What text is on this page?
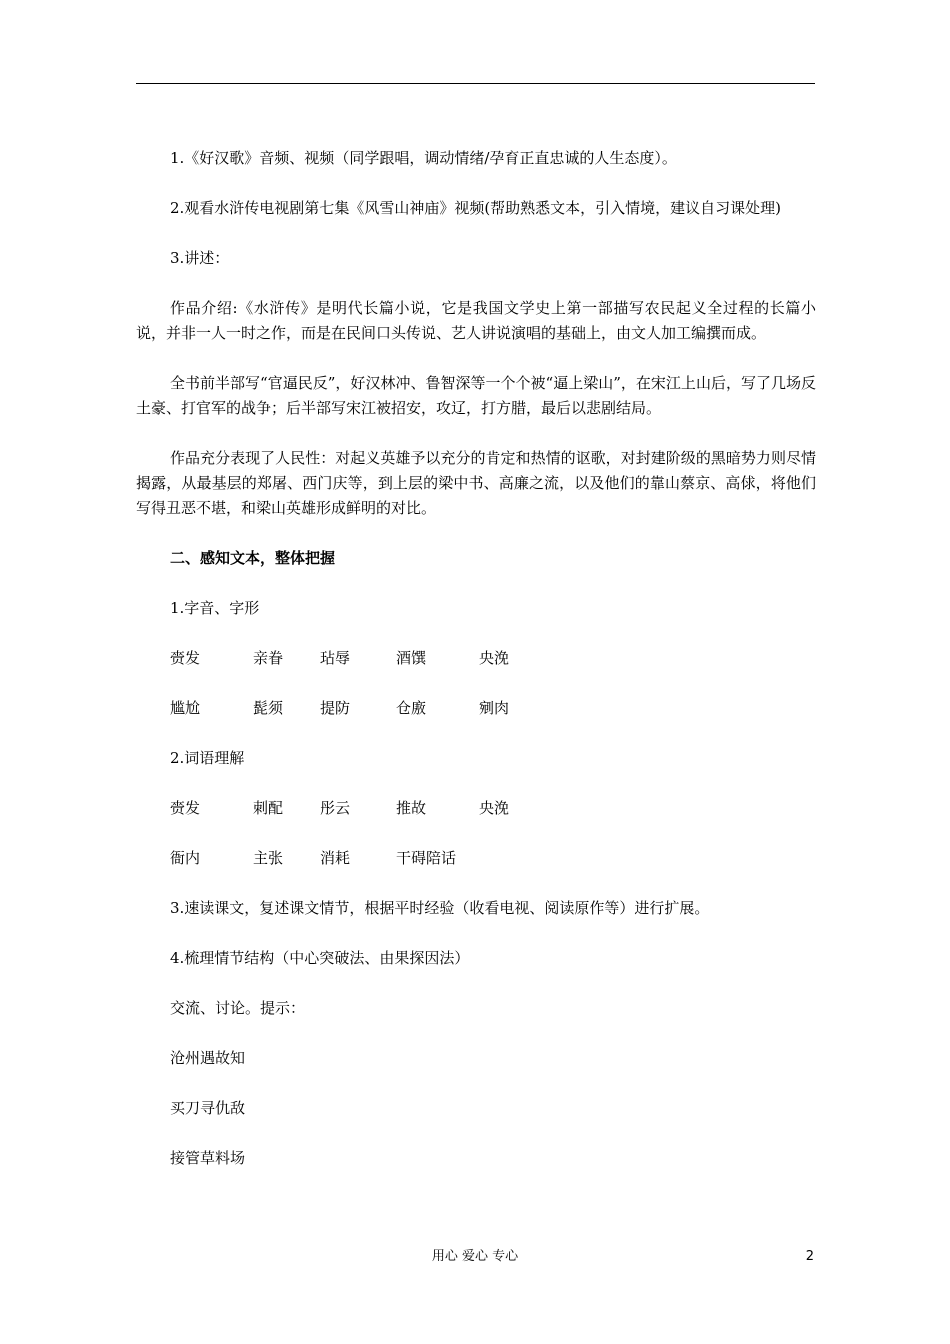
1.《好汉歌》音频、视频（同学跟唱，调动情绪/孕育正直忠诚的人生态度）。

2.观看水浒传电视剧第七集《风雪山神庙》视频(帮助熟悉文本，引入情境，建议自习课处理)

3.讲述：

作品介绍:《水浒传》是明代长篇小说，它是我国文学史上第一部描写农民起义全过程的长篇小说，并非一人一时之作，而是在民间口头传说、艺人讲说演唱的基础上，由文人加工编撰而成。

全书前半部写“官逼民反”，好汉林冲、鲁智深等一个个被“逼上梁山”，在宋江上山后，写了几场反土豪、打官军的战争；后半部写宋江被招安，攻辽，打方腊，最后以悲剧结局。

作品充分表现了人民性：对起义英雄予以充分的肯定和热情的讴歌，对封建阶级的黑暗势力则尽情揭露，从最基层的郑屠、西门庆等，到上层的梁中书、高廉之流，以及他们的靠山蔡京、高俅，将他们写得丑恶不堪，和梁山英雄形成鲜明的对比。

二、感知文本，整体把握

1.字音、字形

赍发	亲眷 玷辱	酒馔	央浼
尴尬	髭须 提防	仓廒	剜肉

2.词语理解

赍发	刺配 彤云	推故	央浼
衙内	主张 消耗	干碍陪话

3.速读课文，复述课文情节，根据平时经验（收看电视、阅读原作等）进行扩展。

4.梳理情节结构（中心突破法、由果探因法）

交流、讨论。提示：

沧州遇故知

买刀寻仇敌

接管草料场

用心 爱心 专心	2
